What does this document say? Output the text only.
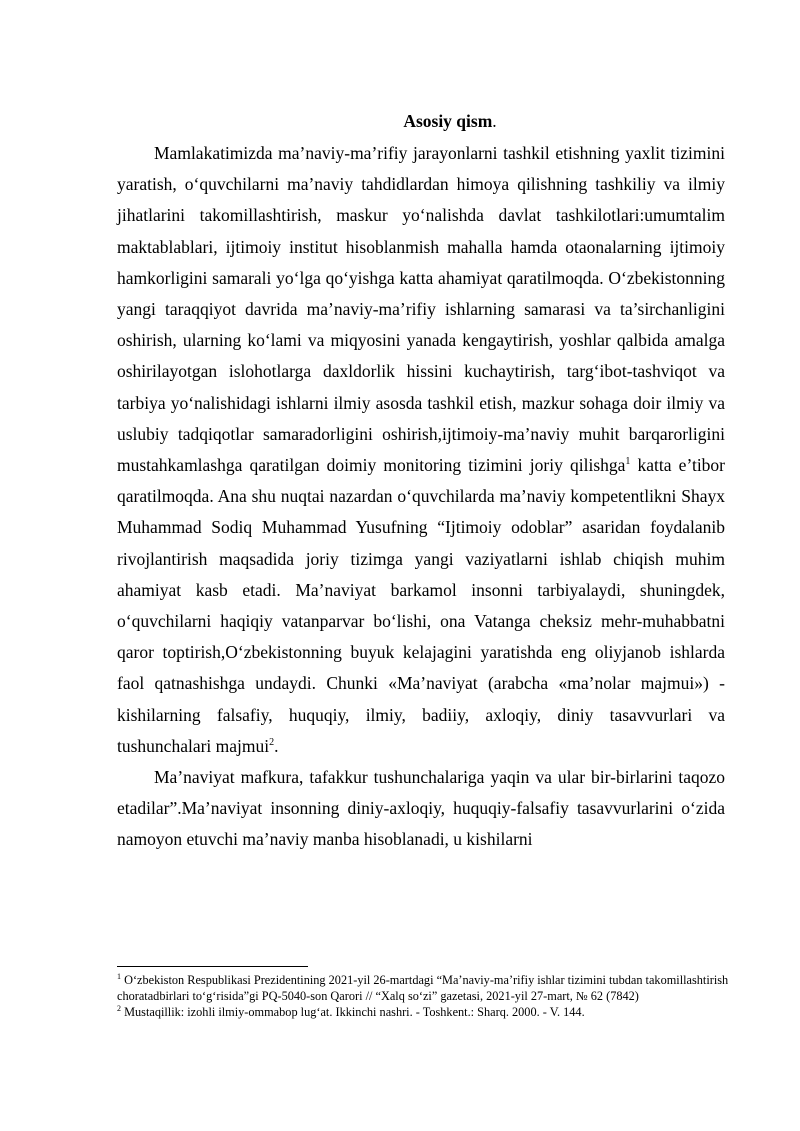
Asosiy qism.

Mamlakatimizda ma’naviy-ma’rifiy jarayonlarni tashkil etishning yaxlit tizimini yaratish, o‘quvchilarni ma’naviy tahdidlardan himoya qilishning tashkiliy va ilmiy jihatlarini takomillashtirish, maskur yo‘nalishda davlat tashkilotlari:umumtalim maktablablari, ijtimoiy institut hisoblanmish mahalla hamda otaonalarning ijtimoiy hamkorligini samarali yo‘lga qo‘yishga katta ahamiyat qaratilmoqda. O‘zbekistonning yangi taraqqiyot davrida ma’naviy-ma’rifiy ishlarning samarasi va ta’sirchanligini oshirish, ularning ko‘lami va miqyosini yanada kengaytirish, yoshlar qalbida amalga oshirilayotgan islohotlarga daxldorlik hissini kuchaytirish, targ‘ibot-tashviqot va tarbiya yo‘nalishidagi ishlarni ilmiy asosda tashkil etish, mazkur sohaga doir ilmiy va uslubiy tadqiqotlar samaradorligini oshirish,ijtimoiy-ma’naviy muhit barqarorligini mustahkamlashga qaratilgan doimiy monitoring tizimini joriy qilishga$^1$ katta e’tibor qaratilmoqda. Ana shu nuqtai nazardan o‘quvchilarda ma’naviy kompetentlikni Shayx Muhammad Sodiq Muhammad Yusufning “Ijtimoiy odoblar” asaridan foydalanib rivojlantirish maqsadida joriy tizimga yangi vaziyatlarni ishlab chiqish muhim ahamiyat kasb etadi. Ma’naviyat barkamol insonni tarbiyalaydi, shuningdek, o‘quvchilarni haqiqiy vatanparvar bo‘lishi, ona Vatanga cheksiz mehr-muhabbatni qaror toptirish,O‘zbekistonning buyuk kelajagini yaratishda eng oliyjanob ishlarda faol qatnashishga undaydi. Chunki «Ma’naviyat (arabcha «ma’nolar majmui») - kishilarning falsafiy, huquqiy, ilmiy, badiiy, axloqiy, diniy tasavvurlari va tushunchalari majmui$^2$.

Ma’naviyat mafkura, tafakkur tushunchalariga yaqin va ular bir-birlarini taqozo etadilar”.Ma’naviyat insonning diniy-axloqiy, huquqiy-falsafiy tasavvurlarini o‘zida namoyon etuvchi ma’naviy manba hisoblanadi, u kishilarni

$^1$ O‘zbekiston Respublikasi Prezidentining 2021-yil 26-martdagi “Ma’naviy-ma’rifiy ishlar tizimini tubdan takomillashtirish choratadbirlari to‘g‘risida”gi PQ-5040-son Qarori // “Xalq so‘zi” gazetasi, 2021-yil 27-mart, № 62 (7842)

$^2$ Mustaqillik: izohli ilmiy-ommabop lug‘at. Ikkinchi nashri. - Toshkent.: Sharq. 2000. - V. 144.
